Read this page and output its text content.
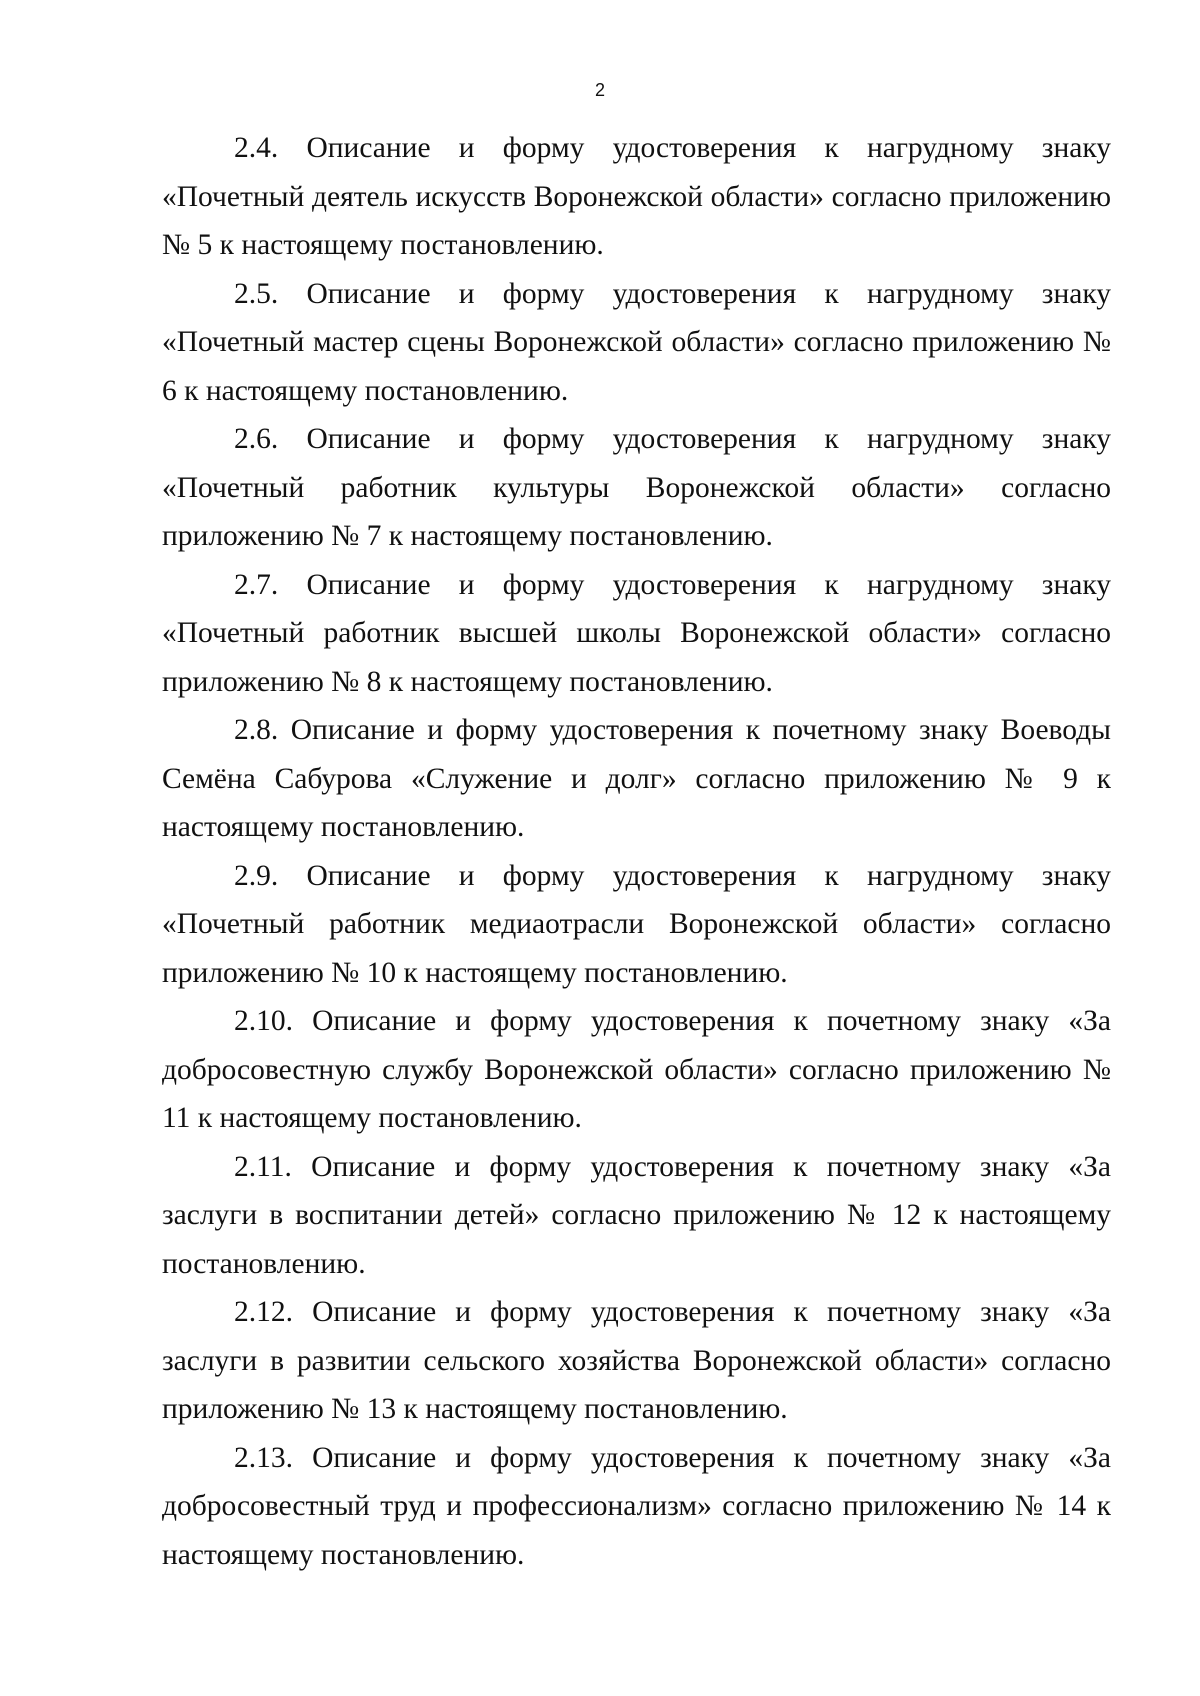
2

2.4. Описание и форму удостоверения к нагрудному знаку «Почетный деятель искусств Воронежской области» согласно приложению № 5 к настоящему постановлению.

2.5. Описание и форму удостоверения к нагрудному знаку «Почетный мастер сцены Воронежской области» согласно приложению № 6 к настоящему постановлению.

2.6. Описание и форму удостоверения к нагрудному знаку «Почетный работник культуры Воронежской области» согласно приложению № 7 к настоящему постановлению.

2.7. Описание и форму удостоверения к нагрудному знаку «Почетный работник высшей школы Воронежской области» согласно приложению № 8 к настоящему постановлению.

2.8. Описание и форму удостоверения к почетному знаку Воеводы Семёна Сабурова «Служение и долг» согласно приложению № 9 к настоящему постановлению.

2.9. Описание и форму удостоверения к нагрудному знаку «Почетный работник медиаотрасли Воронежской области» согласно приложению № 10 к настоящему постановлению.

2.10. Описание и форму удостоверения к почетному знаку «За добросовестную службу Воронежской области» согласно приложению № 11 к настоящему постановлению.

2.11. Описание и форму удостоверения к почетному знаку «За заслуги в воспитании детей» согласно приложению № 12 к настоящему постановлению.

2.12. Описание и форму удостоверения к почетному знаку «За заслуги в развитии сельского хозяйства Воронежской области» согласно приложению № 13 к настоящему постановлению.

2.13. Описание и форму удостоверения к почетному знаку «За добросовестный труд и профессионализм» согласно приложению № 14 к настоящему постановлению.
